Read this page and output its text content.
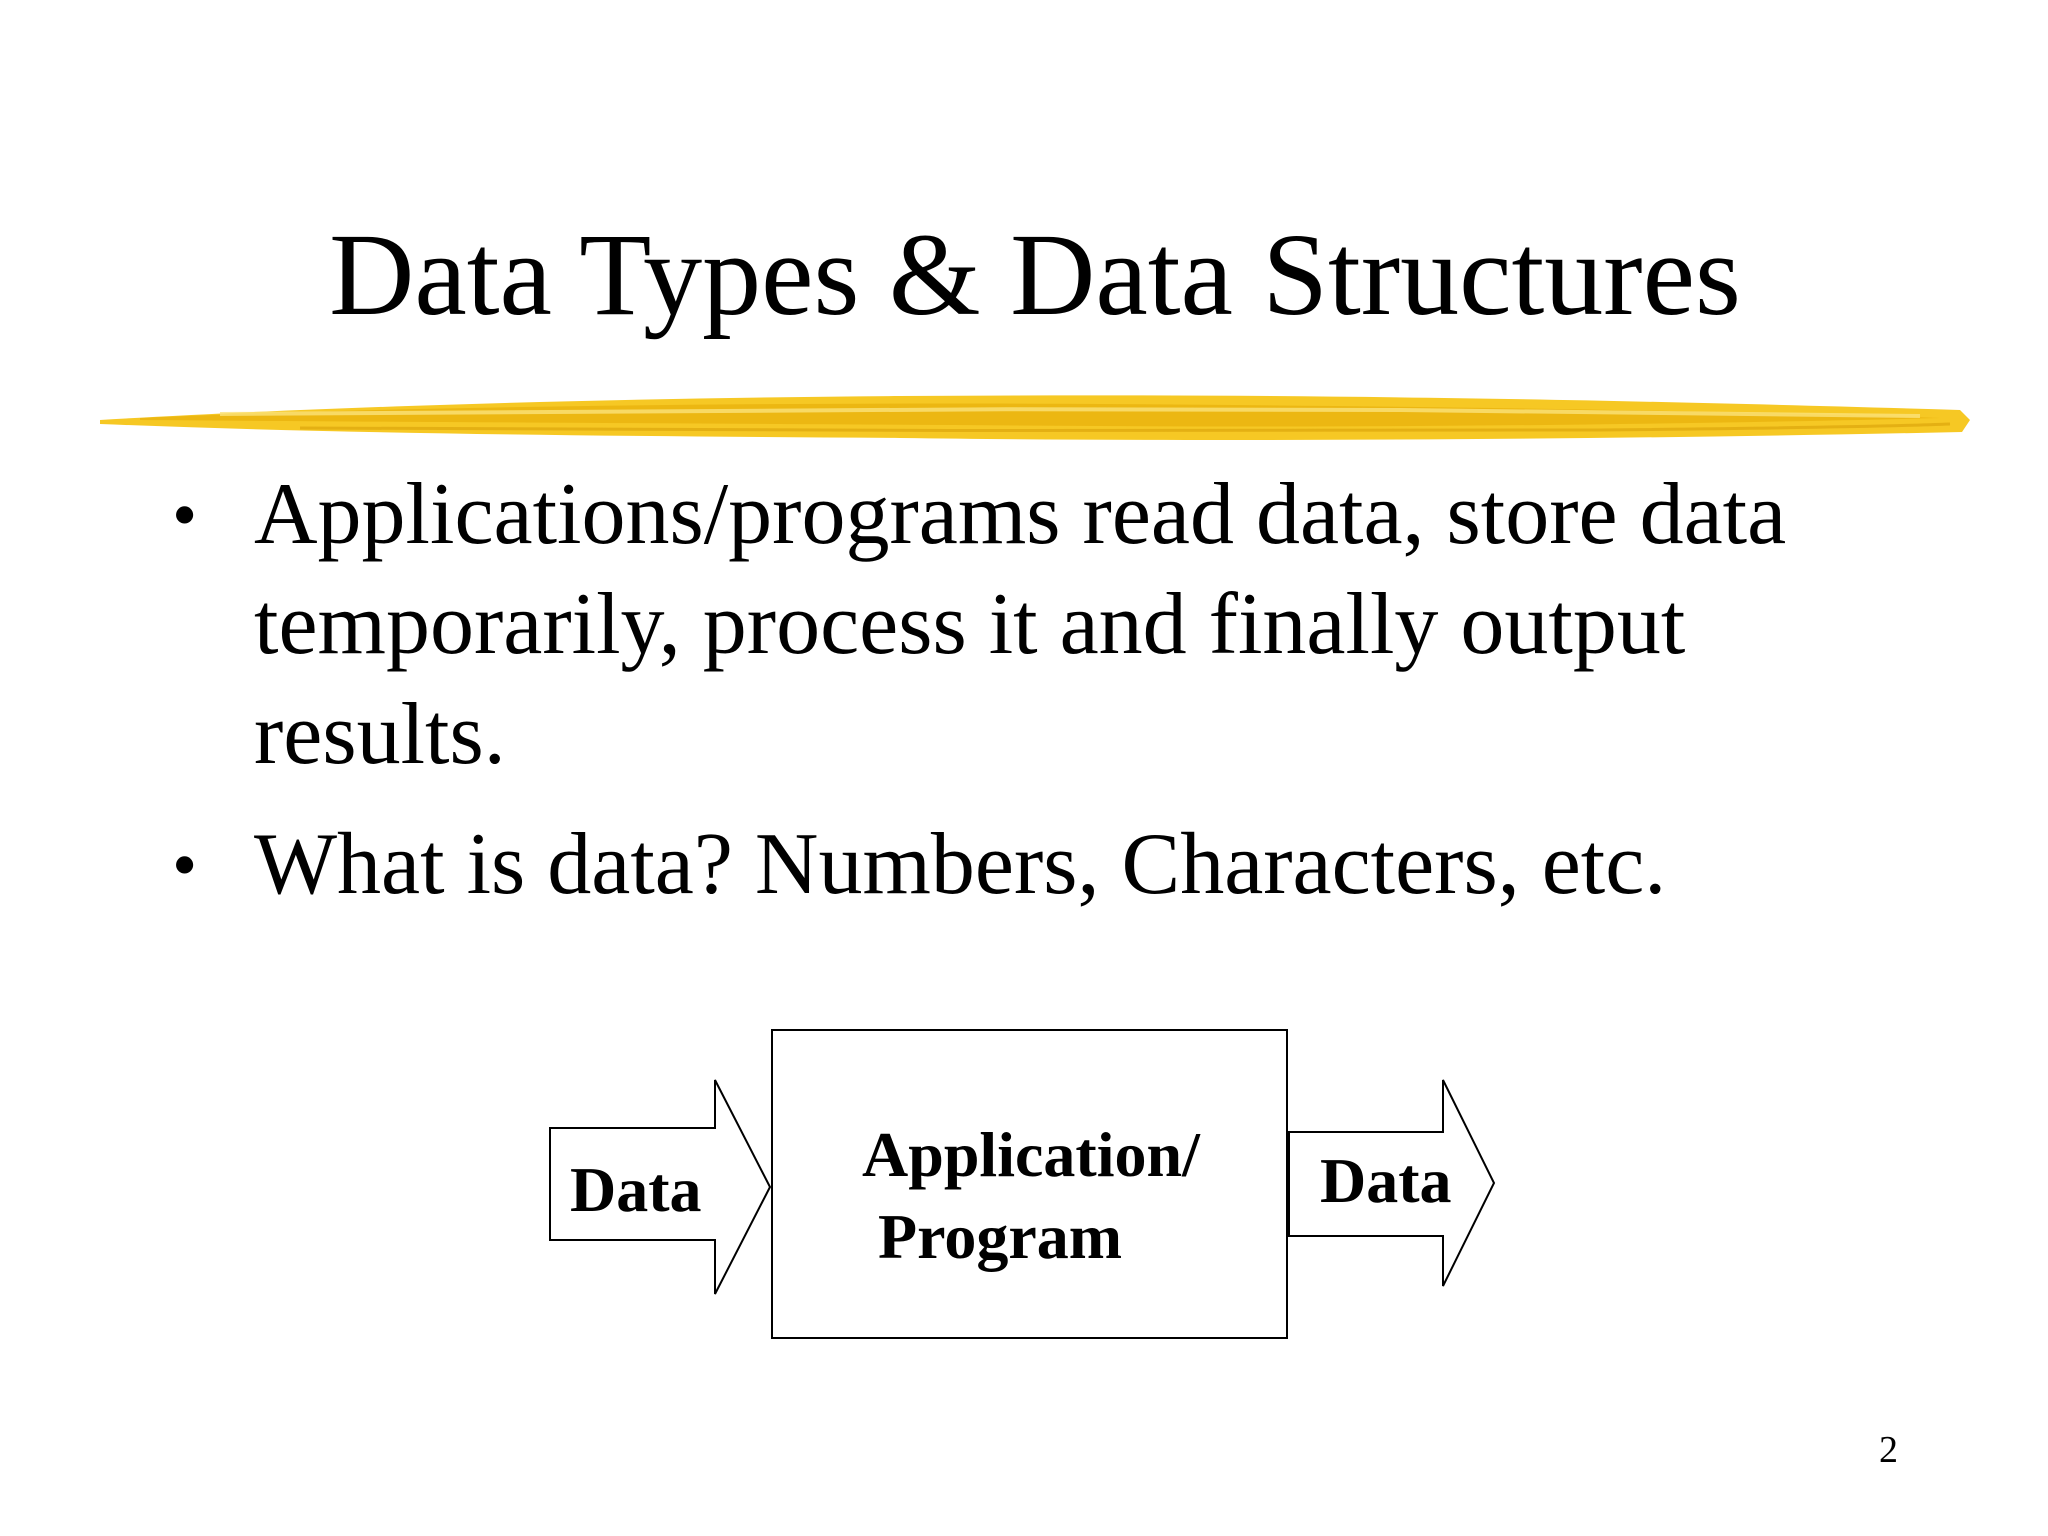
Data Types & Data Structures
• Applications/programs read data, store data temporarily, process it and finally output results.
• What is data? Numbers, Characters, etc.
Data	Application/
Program
Data
2
